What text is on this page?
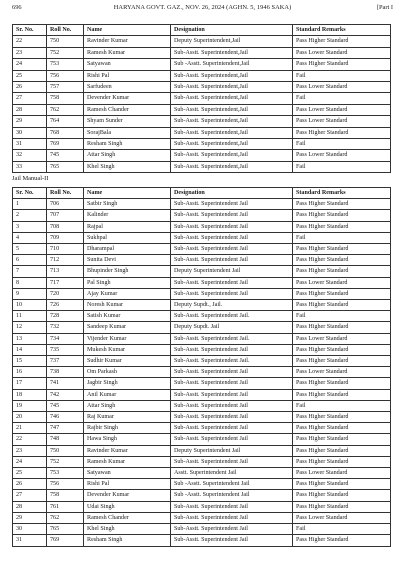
696	HARYANA GOVT. GAZ., NOV. 26, 2024 (AGHN. 5, 1946 SAKA)	[Part I
Sr. No.	Roll No.	Name	Designation	Standard Remarks
22	750	Ravinder Kumar	Deputy Superintendent,Jail	Pass Higher Standard
23	752	Ramesh Kumar	Sub-Asstt. Superintendent,Jail	Pass Lower Standard
24	753	Satyawan	Sub -Asstt. Superintendent,Jail	Pass Higher Standard
25	756	Rishi Pal	Sub-Asstt. Superintendent,Jail	Fail
26	757	Sarfudeen	Sub-Asstt. Superintendent,Jail	Pass Lower Standard
27	758	Devender Kumar	Sub-Asstt. Superintendent,Jail	Fail
28	762	Ramesh Chander	Sub-Asstt. Superintendent,Jail	Pass Lower Standard
29	764	Shyam Sunder	Sub-Asstt. Superintendent,Jail	Pass Lower Standard
30	768	SorajBala	Sub-Asstt. Superintendent,Jail	Pass Higher Standard
31	769	Resham Singh	Sub-Asstt. Superintendent,Jail	Fail
32	745	Attar Singh	Sub-Asstt. Superintendent,Jail	Pass Lower Standard
33	765	Khel Singh	Sub-Asstt. Superintendent,Jail	Fail
Jail Manual-II
Sr. No.	Roll No.	Name	Designation	Standard Remarks
1	706	Satbir Singh	Sub-Asstt. Superintendent Jail	Pass Higher Standard
2	707	Kalinder	Sub-Asstt. Superintendent Jail	Pass Higher Standard
3	708	Rajpal	Sub-Asstt. Superintendent Jail	Pass Higher Standard
4	709	Sukhpal	Sub-Asstt. Superintendent Jail	Fail
5	710	Dharampal	Sub-Asstt. Superintendent Jail	Pass Higher Standard
6	712	Sunita Devi	Sub-Asstt. Superintendent Jail	Pass Higher Standard
7	713	Bhupinder Singh	Deputy Superintendent Jail	Pass Higher Standard
8	717	Pal Singh	Sub-Asstt. Superintendent Jail	Pass Lower Standard
9	720	Ajay Kumar	Sub-Asstt. Superintendent Jail	Pass Higher Standard
10	726	Noresh Kumar	Deputy Supdt., Jail.	Pass Higher Standard
11	728	Satish Kumar	Sub-Asstt. Superintendent Jail.	Fail
12	732	Sandeep Kumar	Deputy Supdt. Jail	Pass Higher Standard
13	734	Vijender Kumar	Sub-Asstt. Superintendent Jail.	Pass Lower Standard
14	735	Mukesh Kumar	Sub-Asstt. Superintendent Jail	Pass Higher Standard
15	737	Sudhir Kumar	Sub-Asstt. Superintendent Jail.	Pass Higher Standard
16	738	Om Parkash	Sub-Asstt. Superintendent Jail	Pass Lower Standard
17	741	Jagbir Singh	Sub-Asstt. Superintendent Jail	Pass Higher Standard
18	742	Anil Kumar	Sub-Asstt. Superintendent Jail	Pass Higher Standard
19	745	Attar Singh	Sub-Asstt. Superintendent Jail	Fail
20	746	Raj Kumar	Sub-Asstt. Superintendent Jail	Pass Higher Standard
21	747	Rajbir Singh	Sub-Asstt. Superintendent Jail	Pass Higher Standard
22	748	Hawa Singh	Sub-Asstt. Superintendent Jail	Pass Higher Standard
23	750	Ravinder Kumar	Deputy Superintendent Jail	Pass Higher Standard
24	752	Ramesh Kumar	Sub-Asstt. Superintendent Jail	Pass Higher Standard
25	753	Satyawan	Asstt. Superintendent Jail	Pass Lower Standard
26	756	Rishi Pal	Sub -Asstt. Superintendent Jail	Pass Higher Standard
27	758	Devender Kumar	Sub -Asstt. Superintendent Jail	Pass Higher Standard
28	761	Udai Singh	Sub-Asstt. Superintendent Jail	Pass Higher Standard
29	762	Ramesh Chander	Sub-Asstt. Superintendent Jail	Pass Lower Standard
30	765	Khel Singh	Sub-Asstt. Superintendent Jail	Fail
31	769	Resham Singh	Sub-Asstt. Superintendent Jail	Pass Higher Standard
